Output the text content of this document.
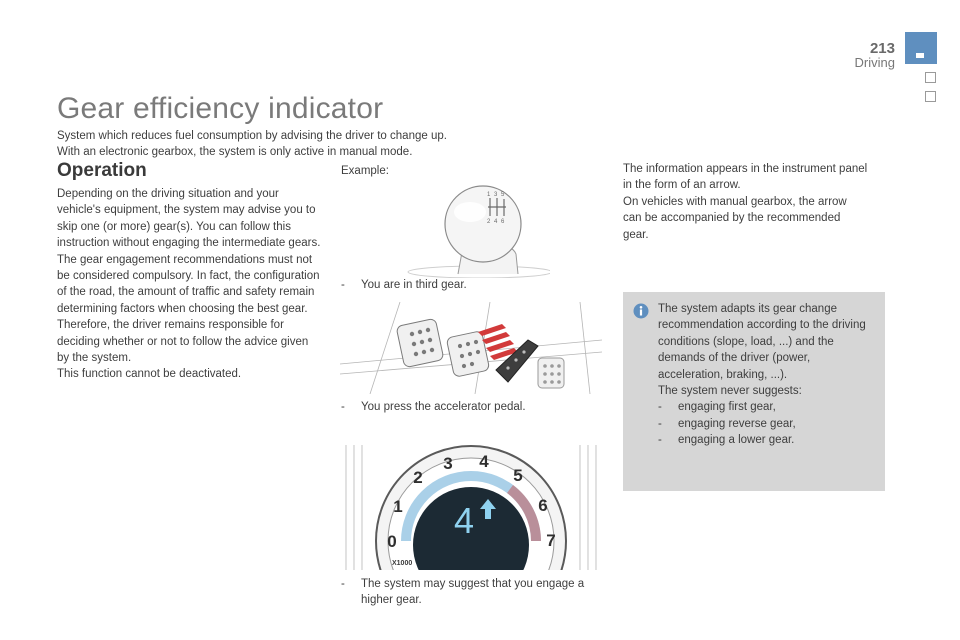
213
Driving
Gear efficiency indicator
System which reduces fuel consumption by advising the driver to change up.
With an electronic gearbox, the system is only active in manual mode.
Operation

Depending on the driving situation and your vehicle's equipment, the system may advise you to skip one (or more) gear(s). You can follow this instruction without engaging the intermediate gears.

The gear engagement recommendations must not be considered compulsory. In fact, the configuration of the road, the amount of traffic and safety remain determining factors when choosing the best gear. Therefore, the driver remains responsible for deciding whether or not to follow the advice given by the system.

This function cannot be deactivated.

Example:
1 3 5
2 4 6
-	You are in third gear.
-	You press the accelerator pedal.
0
1
2
3 4
5
6
7
X1000
4
-	The system may suggest that you engage a higher gear.

The information appears in the instrument panel in the form of an arrow.

On vehicles with manual gearbox, the arrow can be accompanied by the recommended gear.

The system adapts its gear change recommendation according to the driving conditions (slope, load, ...) and the demands of the driver (power, acceleration, braking, ...).

The system never suggests:

-	engaging first gear,
-	engaging reverse gear,
-	engaging a lower gear.
